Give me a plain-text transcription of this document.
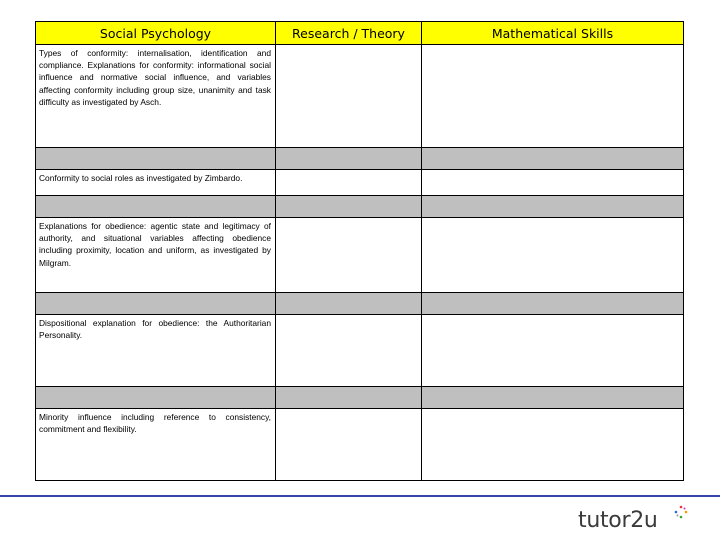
Social Psychology	Research / Theory	Mathematical Skills

Types of conformity: internalisation, identification and compliance. Explanations for conformity: informational social influence and normative social influence, and variables affecting conformity including group size, unanimity and task difficulty as investigated by Asch.		

Conformity to social roles as investigated by Zimbardo.		

Explanations for obedience: agentic state and legitimacy of authority, and situational variables affecting obedience including proximity, location and uniform, as investigated by Milgram.		

Dispositional explanation for obedience: the Authoritarian Personality.		

Minority influence including reference to consistency, commitment and flexibility.		

tutor2u
